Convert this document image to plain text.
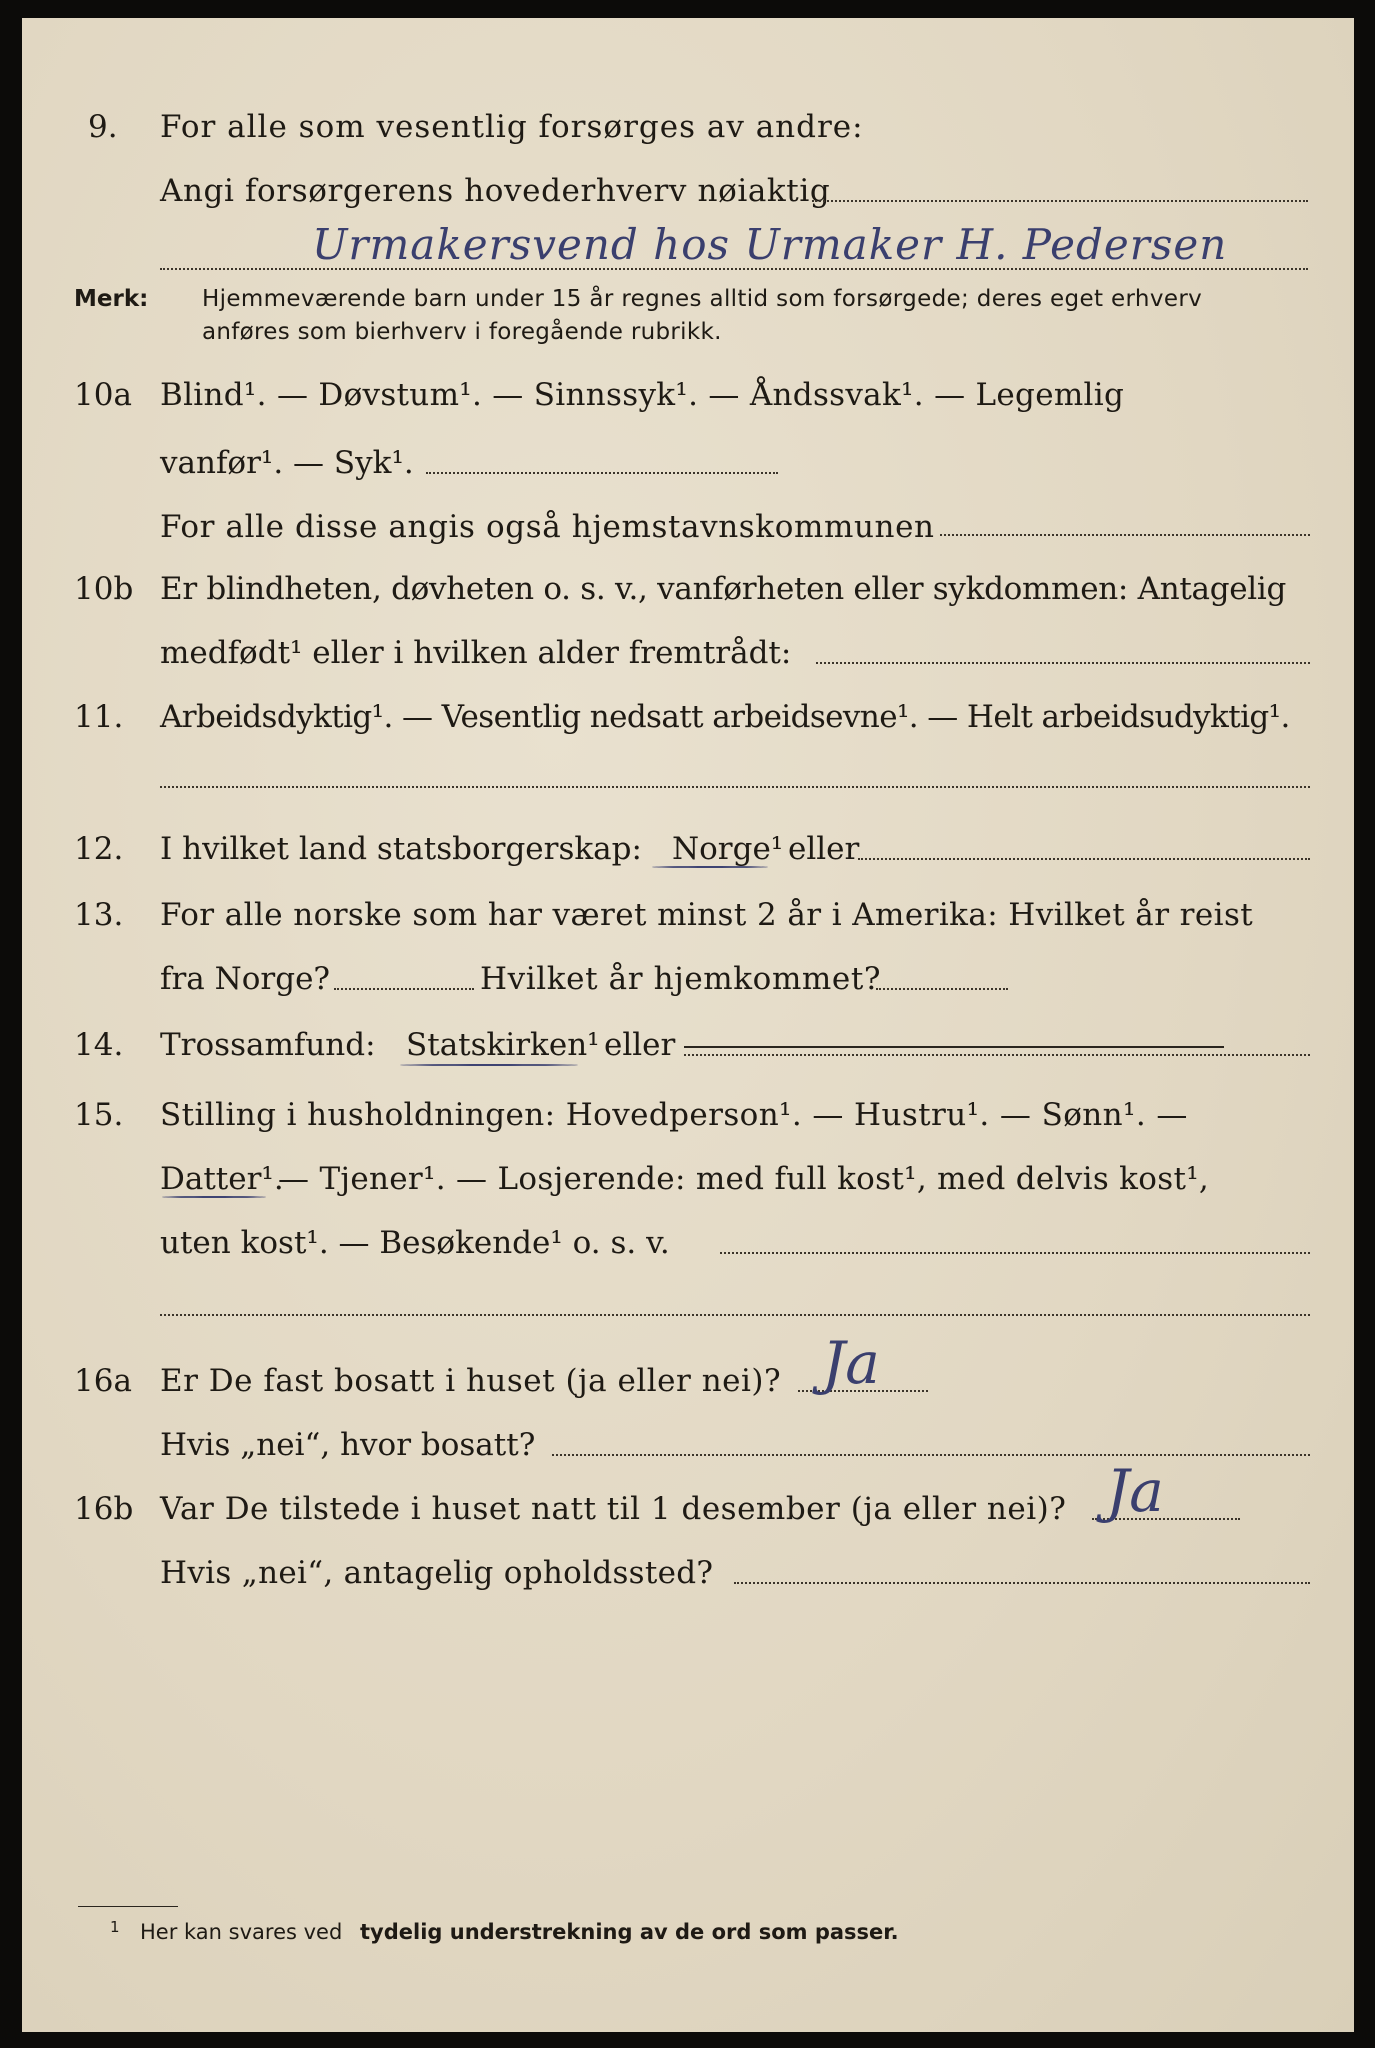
9. For alle som vesentlig forsørges av andre:
Angi forsørgerens hovederhverv nøiaktig
Urmakersvend hos Urmaker H. Pedersen
Merk: Hjemmeværende barn under 15 år regnes alltid som forsørgede; deres eget erhverv
anføres som bierhverv i foregående rubrikk.
10a Blind¹. — Døvstum¹. — Sinnssyk¹. — Åndssvak¹. — Legemlig
vanfør¹. — Syk¹.
For alle disse angis også hjemstavnskommunen
10b Er blindheten, døvheten o. s. v., vanførheten eller sykdommen: Antagelig
medfødt¹ eller i hvilken alder fremtrådt:
11. Arbeidsdyktig¹. — Vesentlig nedsatt arbeidsevne¹. — Helt arbeidsudyktig¹.
12. I hvilket land statsborgerskap: Norge¹ eller
13. For alle norske som har været minst 2 år i Amerika: Hvilket år reist
fra Norge?	Hvilket år hjemkommet?
14. Trossamfund: Statskirken¹ eller
15. Stilling i husholdningen: Hovedperson¹. — Hustru¹. — Sønn¹. —
Datter¹.
— Tjener¹. — Losjerende: med full kost¹, med delvis kost¹,
uten kost¹. — Besøkende¹ o. s. v.
16a Er De fast bosatt i huset (ja eller nei)? Ja
Hvis „nei“, hvor bosatt?
16b Var De tilstede i huset natt til 1 desember (ja eller nei)? Ja
Hvis „nei“, antagelig opholdssted?
1 Her kan svares ved tydelig understrekning av de ord som passer.
